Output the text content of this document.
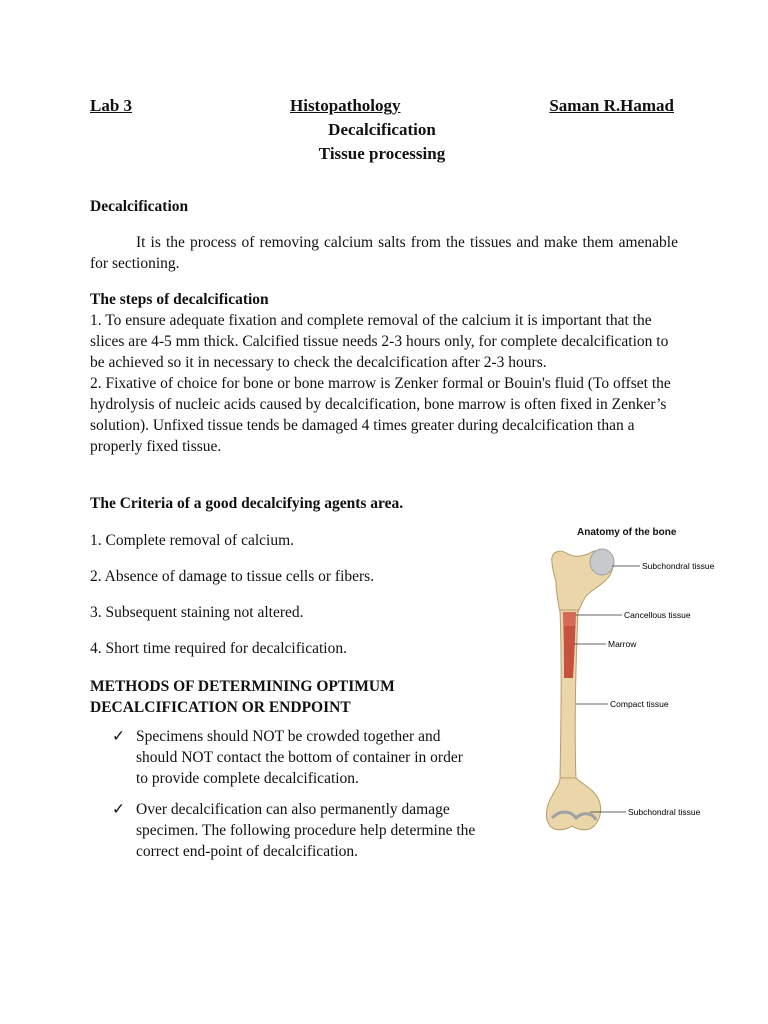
Lab 3	Histopathology	Saman R.Hamad
Decalcification
Tissue processing

Decalcification

It is the process of removing calcium salts from the tissues and make them amenable for sectioning.

The steps of decalcification

1. To ensure adequate fixation and complete removal of the calcium it is important that the slices are 4-5 mm thick. Calcified tissue needs 2-3 hours only, for complete decalcification to be achieved so it in necessary to check the decalcification after 2-3 hours.

2. Fixative of choice for bone or bone marrow is Zenker formal or Bouin's fluid (To offset the hydrolysis of nucleic acids caused by decalcification, bone marrow is often fixed in Zenker’s solution). Unfixed tissue tends be damaged 4 times greater during decalcification than a properly fixed tissue.

The Criteria of a good decalcifying agents area.

1. Complete removal of calcium.
2. Absence of damage to tissue cells or fibers.
3. Subsequent staining not altered.
4. Short time required for decalcification.
METHODS OF DETERMINING OPTIMUM
DECALCIFICATION OR ENDPOINT
✓ Specimens should NOT be crowded together and should NOT contact the bottom of container in order to provide complete decalcification.
✓ Over decalcification can also permanently damage specimen. The following procedure help determine the correct end-point of decalcification.
Anatomy of the bone
Subchondral tissue
Cancellous tissue
Marrow
Compact tissue
Subchondral tissue
